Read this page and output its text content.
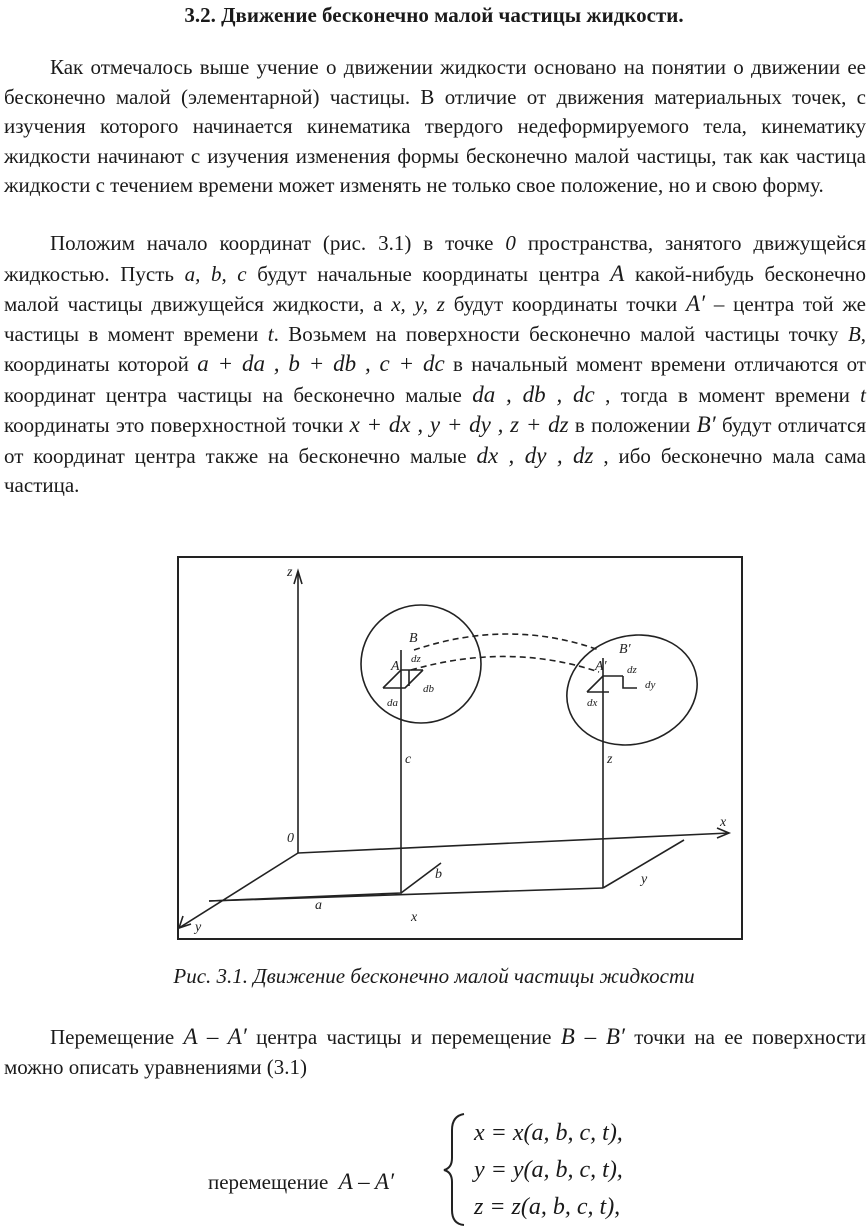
3.2. Движение бесконечно малой частицы жидкости.

Как отмечалось выше учение о движении жидкости основано на понятии о движении ее бесконечно малой (элементарной) частицы. В отличие от движения материальных точек, с изучения которого начинается кинематика твердого недеформируемого тела, кинематику жидкости начинают с изучения изменения формы бесконечно малой частицы, так как частица жидкости с течением времени может изменять не только свое положение, но и свою форму.

Положим начало координат (рис. 3.1) в точке 0 пространства, занятого движущейся жидкостью. Пусть a, b, c будут начальные координаты центра A какой-нибудь бесконечно малой частицы движущейся жидкости, а x, y, z будут координаты точки A′ – центра той же частицы в момент времени t. Возьмем на поверхности бесконечно малой частицы точку B, координаты которой a + da , b + db , c + dc в начальный момент времени отличаются от координат центра частицы на бесконечно малые da , db , dc , тогда в момент времени t координаты это поверхностной точки x + dx , y + dy , z + dz в положении B′ будут отличатся от координат центра также на бесконечно малые dx , dy , dz , ибо бесконечно мала сама частица.

z
x
y
0
a
b
c
x
y
z
A
B
A′
B′
da
db
dz
dx
dy
dz
Рис. 3.1. Движение бесконечно малой частицы жидкости

Перемещение A – A′ центра частицы и перемещение B – B′ точки на ее поверхности можно описать уравнениями (3.1)

перемещение A – A′
x = x(a, b, c, t),
y = y(a, b, c, t),
z = z(a, b, c, t),
